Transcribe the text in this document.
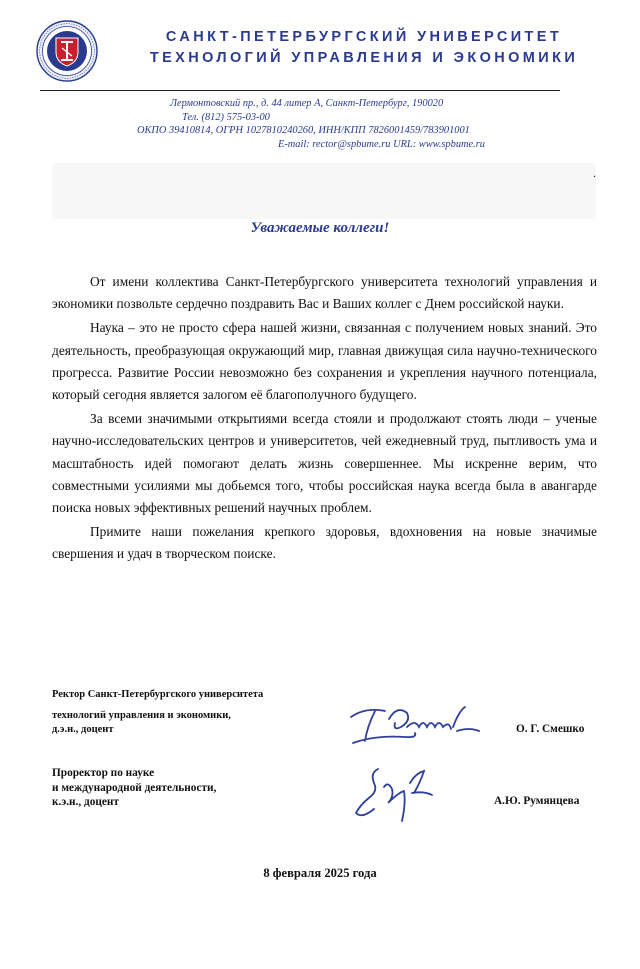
САНКТ-ПЕТЕРБУРГСКИЙ УНИВЕРСИТЕТ
ТЕХНОЛОГИЙ УПРАВЛЕНИЯ И ЭКОНОМИКИ
Лермонтовский пр., д. 44 литер А, Санкт-Петербург, 190020
Тел. (812) 575-03-00
ОКПО 39410814, ОГРН 1027810240260, ИНН/КПП 7826001459/783901001
E-mail: rector@spbume.ru URL: www.spbume.ru
.
Уважаемые коллеги!

От имени коллектива Санкт-Петербургского университета технологий управления и экономики позвольте сердечно поздравить Вас и Ваших коллег с Днем российской науки.

Наука – это не просто сфера нашей жизни, связанная с получением новых знаний. Это деятельность, преобразующая окружающий мир, главная движущая сила научно-технического прогресса. Развитие России невозможно без сохранения и укрепления научного потенциала, который сегодня является залогом её благополучного будущего.

За всеми значимыми открытиями всегда стояли и продолжают стоять люди – ученые научно-исследовательских центров и университетов, чей ежедневный труд, пытливость ума и масштабность идей помогают делать жизнь совершеннее. Мы искренне верим, что совместными усилиями мы добьемся того, чтобы российская наука всегда была в авангарде поиска новых эффективных решений научных проблем.

Примите наши пожелания крепкого здоровья, вдохновения на новые значимые свершения и удач в творческом поиске.

Ректор Санкт-Петербургского университета
технологий управления и экономики,
д.э.н., доцент	О. Г. Смешко
Проректор по науке
и международной деятельности,
к.э.н., доцент	А.Ю. Румянцева
8 февраля 2025 года
